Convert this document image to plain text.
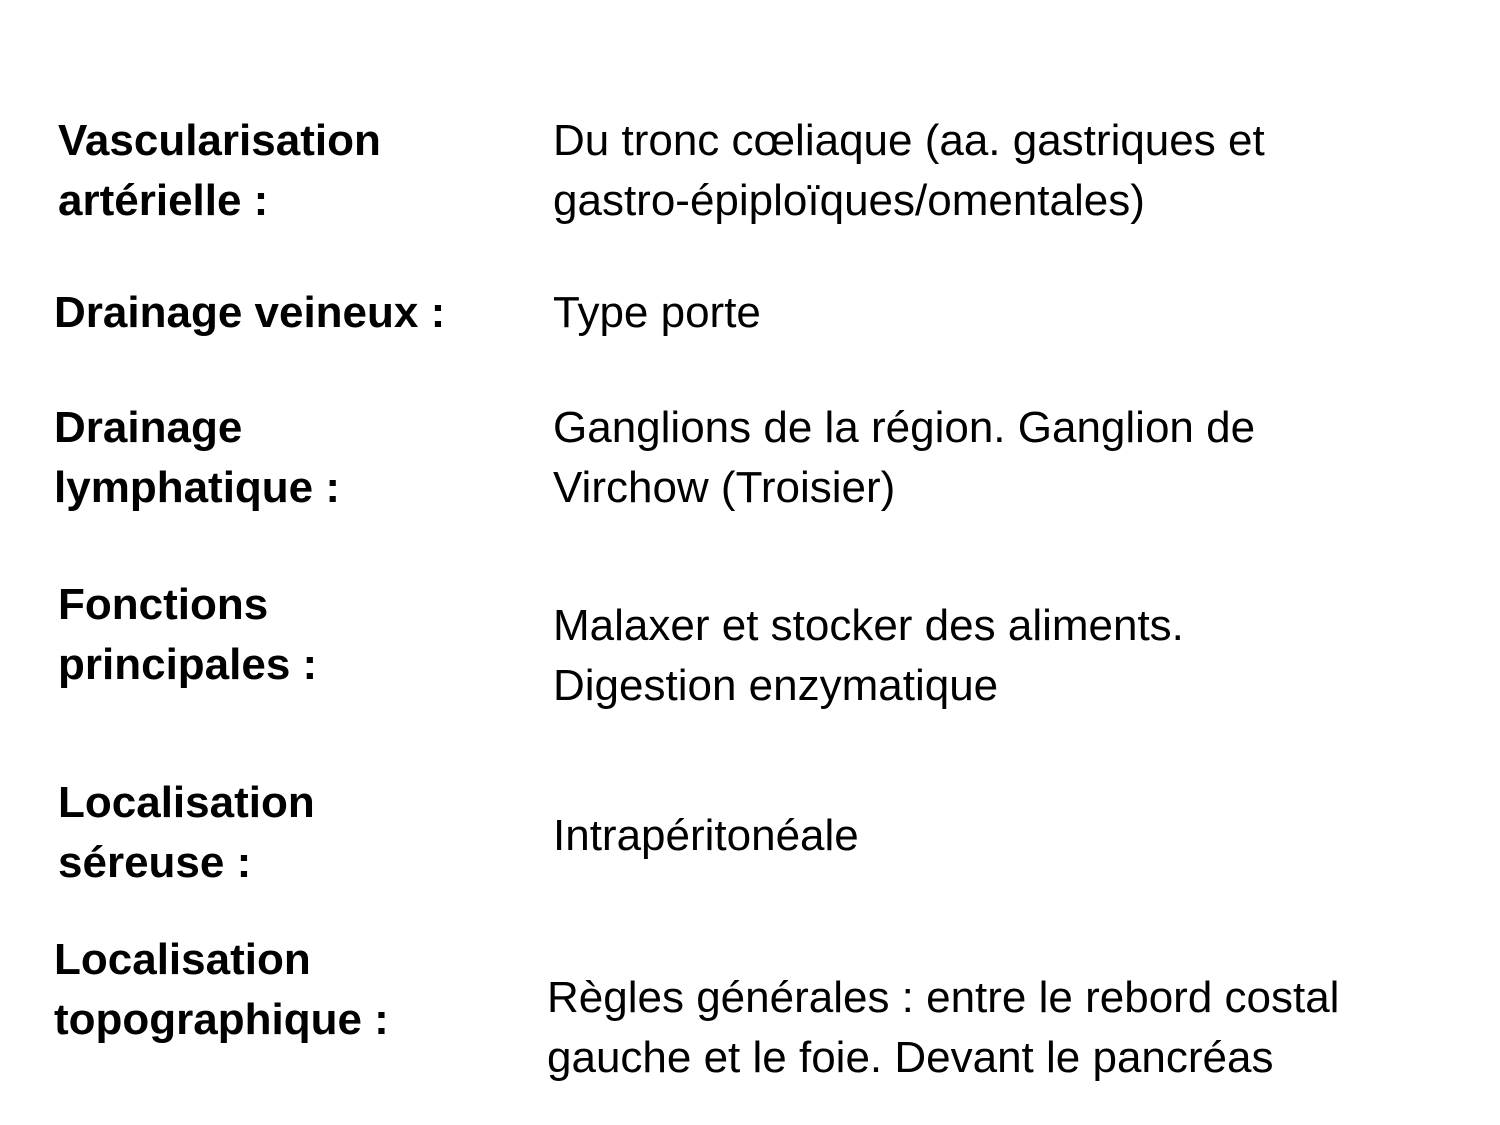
Vascularisation
artérielle :
Du tronc cœliaque (aa. gastriques et
gastro-épiploïques/omentales)
Drainage veineux : Type porte
Drainage
lymphatique :
Ganglions de la région. Ganglion de
Virchow (Troisier)
Fonctions
principales :
Malaxer et stocker des aliments.
Digestion enzymatique
Localisation
séreuse :
Intrapéritonéale
Localisation
topographique :	Règles générales : entre le rebord costal
gauche et le foie. Devant le pancréas
